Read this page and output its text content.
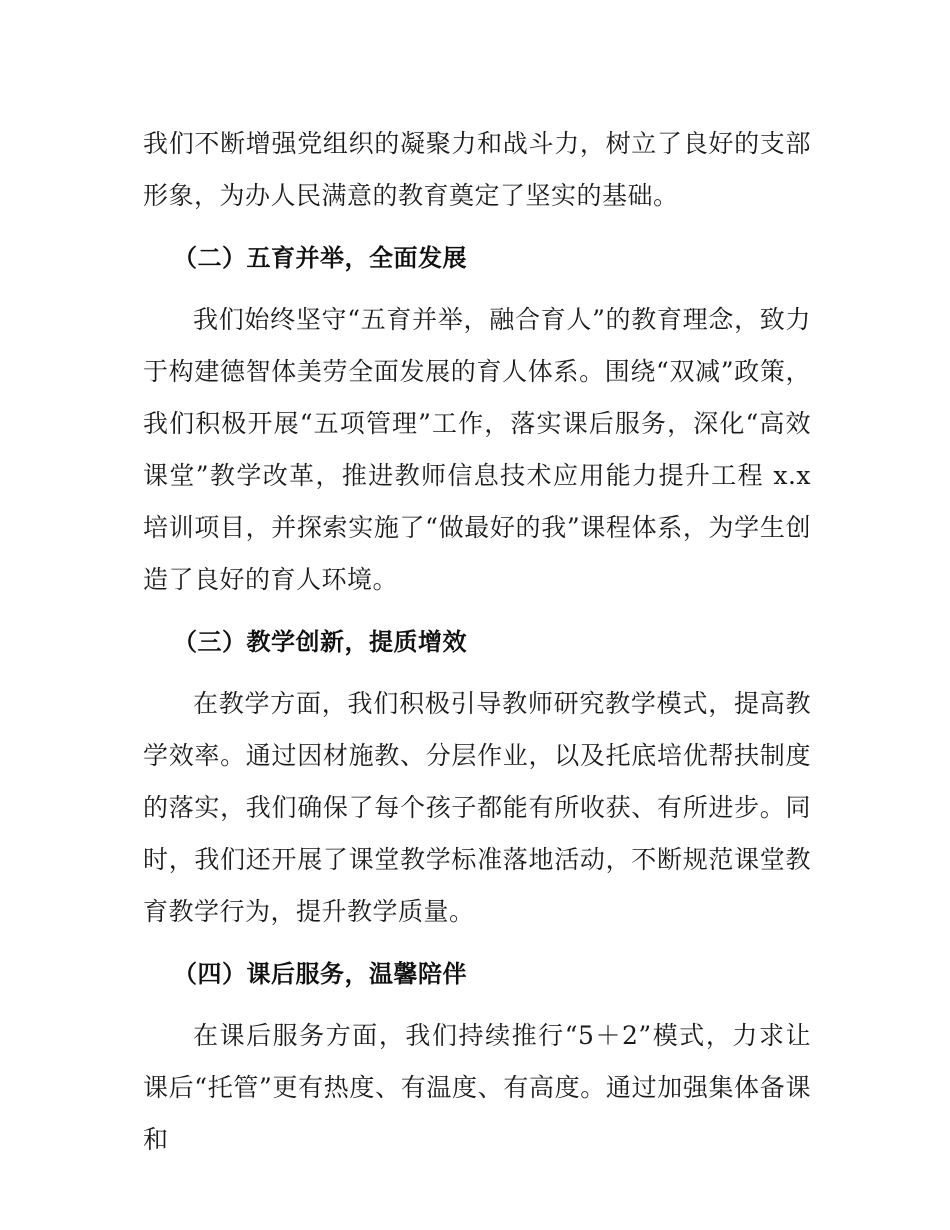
我们不断增强党组织的凝聚力和战斗力，树立了良好的支部形象，为办人民满意的教育奠定了坚实的基础。

（二）五育并举，全面发展

我们始终坚守“五育并举，融合育人”的教育理念，致力于构建德智体美劳全面发展的育人体系。围绕“双减”政策，我们积极开展“五项管理”工作，落实课后服务，深化“高效课堂”教学改革，推进教师信息技术应用能力提升工程 x.x 培训项目，并探索实施了“做最好的我”课程体系，为学生创造了良好的育人环境。

（三）教学创新，提质增效

在教学方面，我们积极引导教师研究教学模式，提高教学效率。通过因材施教、分层作业，以及托底培优帮扶制度的落实，我们确保了每个孩子都能有所收获、有所进步。同时，我们还开展了课堂教学标准落地活动，不断规范课堂教育教学行为，提升教学质量。

（四）课后服务，温馨陪伴

在课后服务方面，我们持续推行“5＋2”模式，力求让课后“托管”更有热度、有温度、有高度。通过加强集体备课和
